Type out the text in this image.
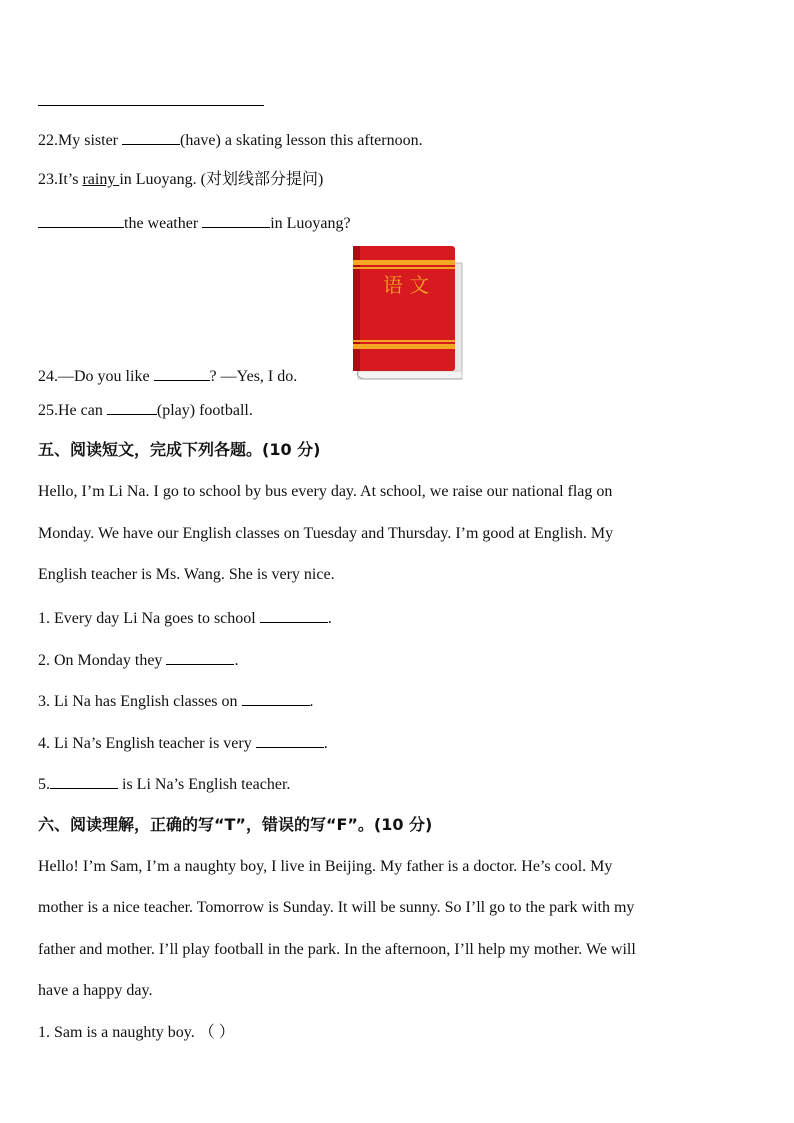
22.My sister	(have) a skating lesson this afternoon.
23.It’s rainy in Luoyang. (对划线部分提问)
the weather	in Luoyang?
语 文
24.—Do you like	? —Yes, I do.
25.He can	(play) football.
五、阅读短文，完成下列各题。(10 分)
Hello, I’m Li Na. I go to school by bus every day. At school, we raise our national flag on
Monday. We have our English classes on Tuesday and Thursday. I’m good at English. My
English teacher is Ms. Wang. She is very nice.
1. Every day Li Na goes to school	.
2. On Monday they	.
3. Li Na has English classes on	.
4. Li Na’s English teacher is very	.
5.	is Li Na’s English teacher.
六、阅读理解，正确的写“T”，错误的写“F”。(10 分)
Hello! I’m Sam, I’m a naughty boy, I live in Beijing. My father is a doctor. He’s cool. My
mother is a nice teacher. Tomorrow is Sunday. It will be sunny. So I’ll go to the park with my
father and mother. I’ll play football in the park. In the afternoon, I’ll help my mother. We will
have a happy day.
1. Sam is a naughty boy. （ ）
